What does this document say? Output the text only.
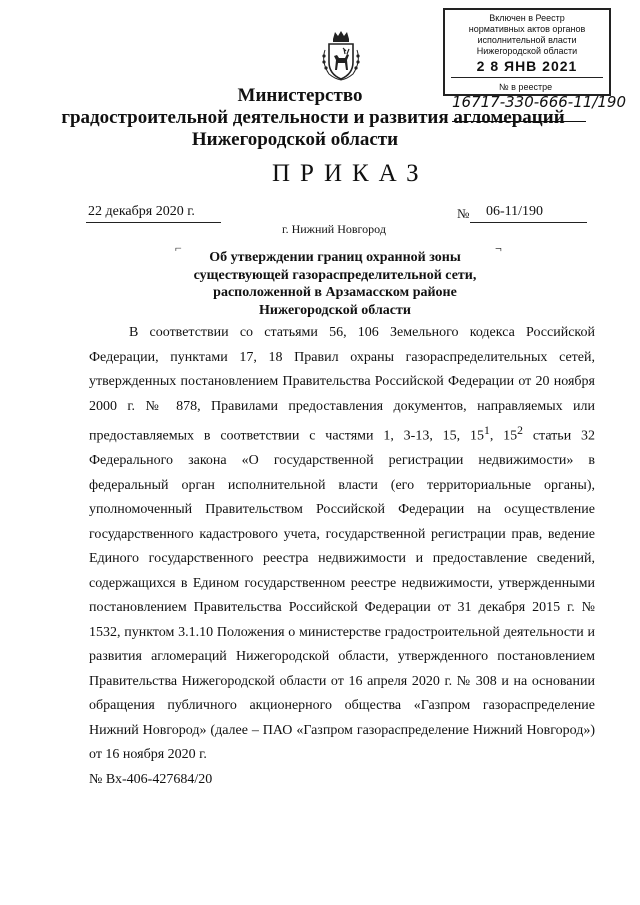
Включен в Реестр
нормативных актов органов
исполнительной власти
Нижегородской области
2 8 ЯНВ 2021
№ в реестре
16717-330-666-11/190
Министерство
градостроительной деятельности и развития агломераций
Нижегородской области
ПРИКАЗ
22 декабря 2020 г.	№ 06-11/190
г. Нижний Новгород
⌐	¬
Об утверждении границ охранной зоны существующей газораспределительной сети, расположенной в Арзамасском районе Нижегородской области

В соответствии со статьями 56, 106 Земельного кодекса Российской Федерации, пунктами 17, 18 Правил охраны газораспределительных сетей, утвержденных постановлением Правительства Российской Федерации от 20 ноября 2000 г. № 878, Правилами предоставления документов, направляемых или предоставляемых в соответствии с частями 1, 3-13, 15, $15^1$, $15^2$ статьи 32 Федерального закона «О государственной регистрации недвижимости» в федеральный орган исполнительной власти (его территориальные органы), уполномоченный Правительством Российской Федерации на осуществление государственного кадастрового учета, государственной регистрации прав, ведение Единого государственного реестра недвижимости и предоставление сведений, содержащихся в Едином государственном реестре недвижимости, утвержденными постановлением Правительства Российской Федерации от 31 декабря 2015 г. № 1532, пунктом 3.1.10 Положения о министерстве градостроительной деятельности и развития агломераций Нижегородской области, утвержденного постановлением Правительства Нижегородской области от 16 апреля 2020 г. № 308 и на основании обращения публичного акционерного общества «Газпром газораспределение Нижний Новгород» (далее – ПАО «Газпром газораспределение Нижний Новгород») от 16 ноября 2020 г.

№ Вх-406-427684/20
